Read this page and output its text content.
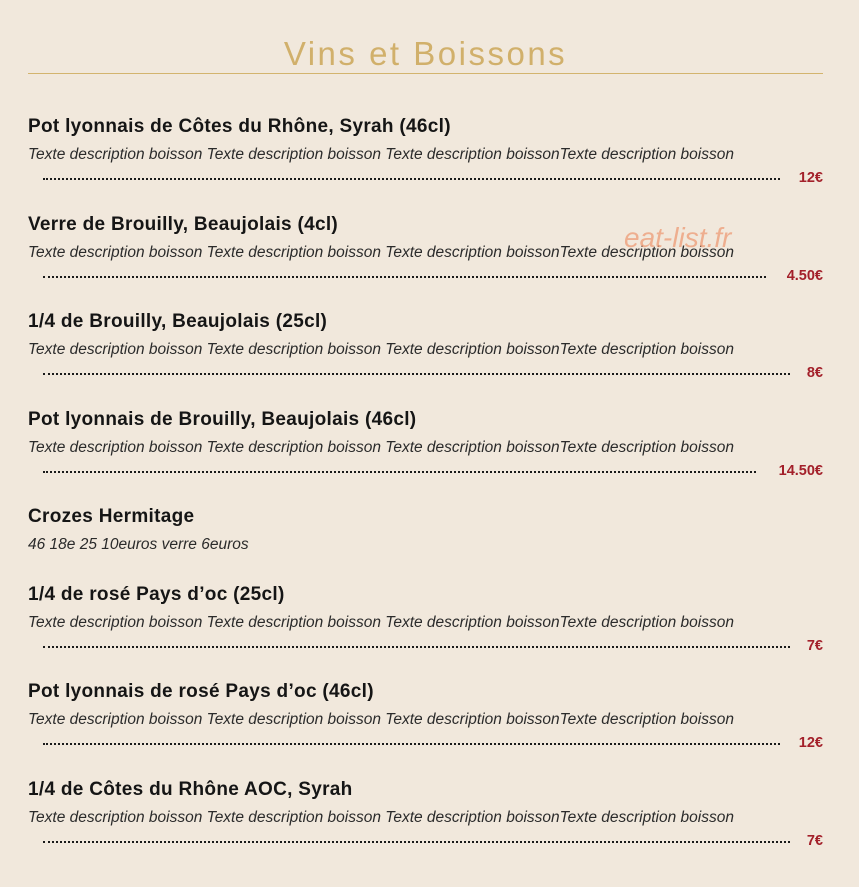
Vins et Boissons
Pot lyonnais de Côtes du Rhône, Syrah (46cl)
Texte description boisson Texte description boisson Texte description boissonTexte description boisson
12€
Verre de Brouilly, Beaujolais (4cl)
Texte description boisson Texte description boisson Texte description boissonTexte description boisson
4.50€
1/4 de Brouilly, Beaujolais (25cl)
Texte description boisson Texte description boisson Texte description boissonTexte description boisson
8€
Pot lyonnais de Brouilly, Beaujolais (46cl)
Texte description boisson Texte description boisson Texte description boissonTexte description boisson
14.50€
Crozes Hermitage
46 18e 25 10euros verre 6euros
1/4 de rosé Pays d’oc (25cl)
Texte description boisson Texte description boisson Texte description boissonTexte description boisson
7€
Pot lyonnais de rosé Pays d’oc (46cl)
Texte description boisson Texte description boisson Texte description boissonTexte description boisson
12€
1/4 de Côtes du Rhône AOC, Syrah
Texte description boisson Texte description boisson Texte description boissonTexte description boisson
7€
eat-list.fr
